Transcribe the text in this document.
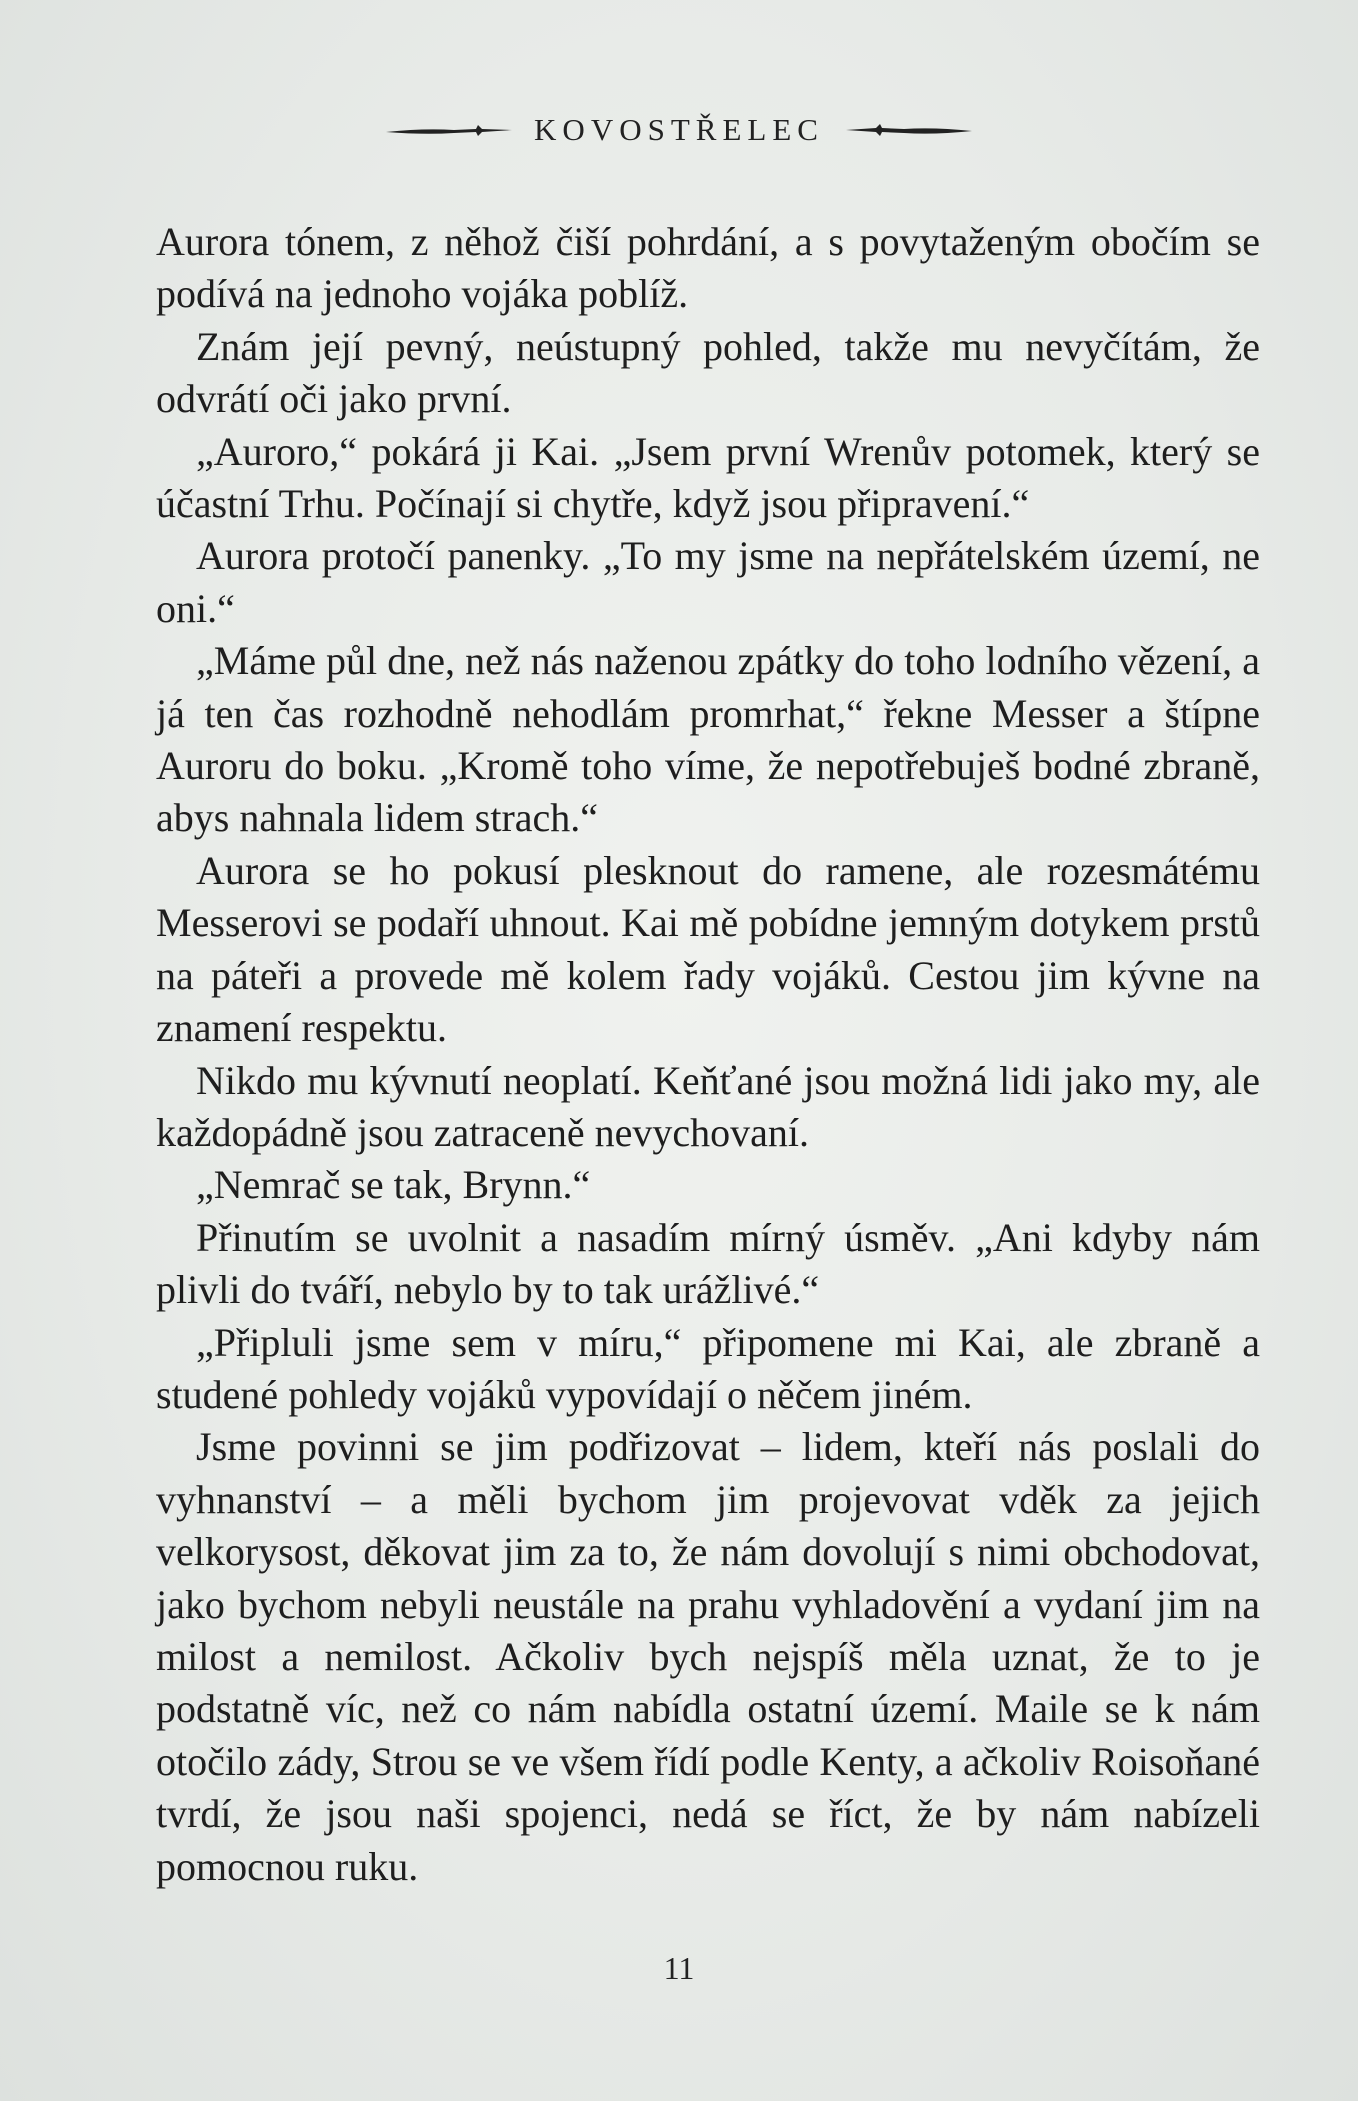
KOVOSTŘELEC

Aurora tónem, z něhož čiší pohrdání, a s povytaženým obočím se podívá na jednoho vojáka poblíž.

Znám její pevný, neústupný pohled, takže mu nevyčítám, že odvrátí oči jako první.

„Auroro,“ pokárá ji Kai. „Jsem první Wrenův potomek, který se účastní Trhu. Počínají si chytře, když jsou připravení.“

Aurora protočí panenky. „To my jsme na nepřátelském území, ne oni.“

„Máme půl dne, než nás naženou zpátky do toho lodního vězení, a já ten čas rozhodně nehodlám promrhat,“ řekne Messer a štípne Auroru do boku. „Kromě toho víme, že nepotřebuješ bodné zbraně, abys nahnala lidem strach.“

Aurora se ho pokusí plesknout do ramene, ale rozesmátému Messerovi se podaří uhnout. Kai mě pobídne jemným dotykem prstů na páteři a provede mě kolem řady vojáků. Cestou jim kývne na znamení respektu.

Nikdo mu kývnutí neoplatí. Keňťané jsou možná lidi jako my, ale každopádně jsou zatraceně nevychovaní.

„Nemrač se tak, Brynn.“

Přinutím se uvolnit a nasadím mírný úsměv. „Ani kdyby nám plivli do tváří, nebylo by to tak urážlivé.“

„Připluli jsme sem v míru,“ připomene mi Kai, ale zbraně a studené pohledy vojáků vypovídají o něčem jiném.

Jsme povinni se jim podřizovat – lidem, kteří nás poslali do vyhnanství – a měli bychom jim projevovat vděk za jejich velkorysost, děkovat jim za to, že nám dovolují s nimi obchodovat, jako bychom nebyli neustále na prahu vyhladovění a vydaní jim na milost a nemilost. Ačkoliv bych nejspíš měla uznat, že to je podstatně víc, než co nám nabídla ostatní území. Maile se k nám otočilo zády, Strou se ve všem řídí podle Kenty, a ačkoliv Roisoňané tvrdí, že jsou naši spojenci, nedá se říct, že by nám nabízeli pomocnou ruku.

11
